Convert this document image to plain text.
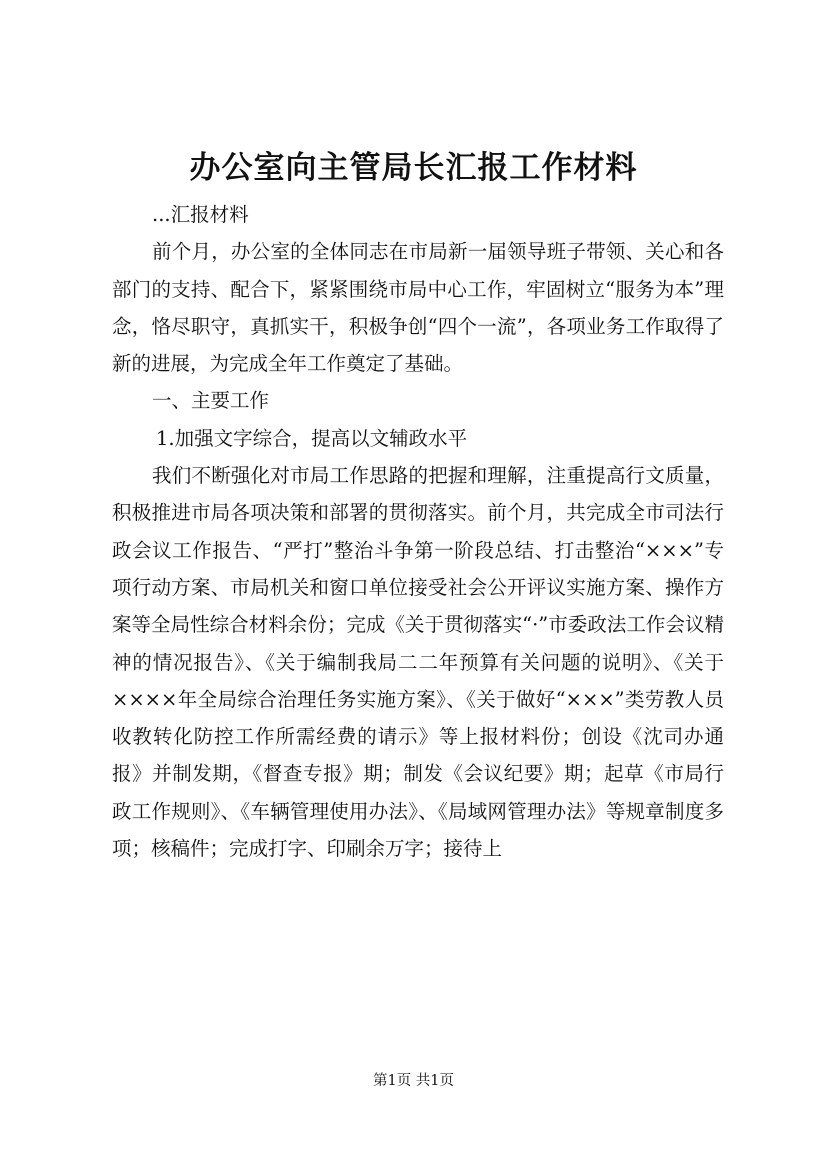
办公室向主管局长汇报工作材料

...汇报材料

前个月，办公室的全体同志在市局新一届领导班子带领、关心和各部门的支持、配合下，紧紧围绕市局中心工作，牢固树立“服务为本”理念，恪尽职守，真抓实干，积极争创“四个一流”，各项业务工作取得了新的进展，为完成全年工作奠定了基础。

一、主要工作

1.加强文字综合，提高以文辅政水平

我们不断强化对市局工作思路的把握和理解，注重提高行文质量，积极推进市局各项决策和部署的贯彻落实。前个月，共完成全市司法行政会议工作报告、“严打”整治斗争第一阶段总结、打击整治“×××”专项行动方案、市局机关和窗口单位接受社会公开评议实施方案、操作方案等全局性综合材料余份；完成《关于贯彻落实“·”市委政法工作会议精神的情况报告》、《关于编制我局二二年预算有关问题的说明》、《关于××××年全局综合治理任务实施方案》、《关于做好“×××”类劳教人员收教转化防控工作所需经费的请示》等上报材料份；创设《沈司办通报》并制发期，《督查专报》期；制发《会议纪要》期；起草《市局行政工作规则》、《车辆管理使用办法》、《局域网管理办法》等规章制度多项；核稿件；完成打字、印刷余万字；接待上

第1页 共1页
